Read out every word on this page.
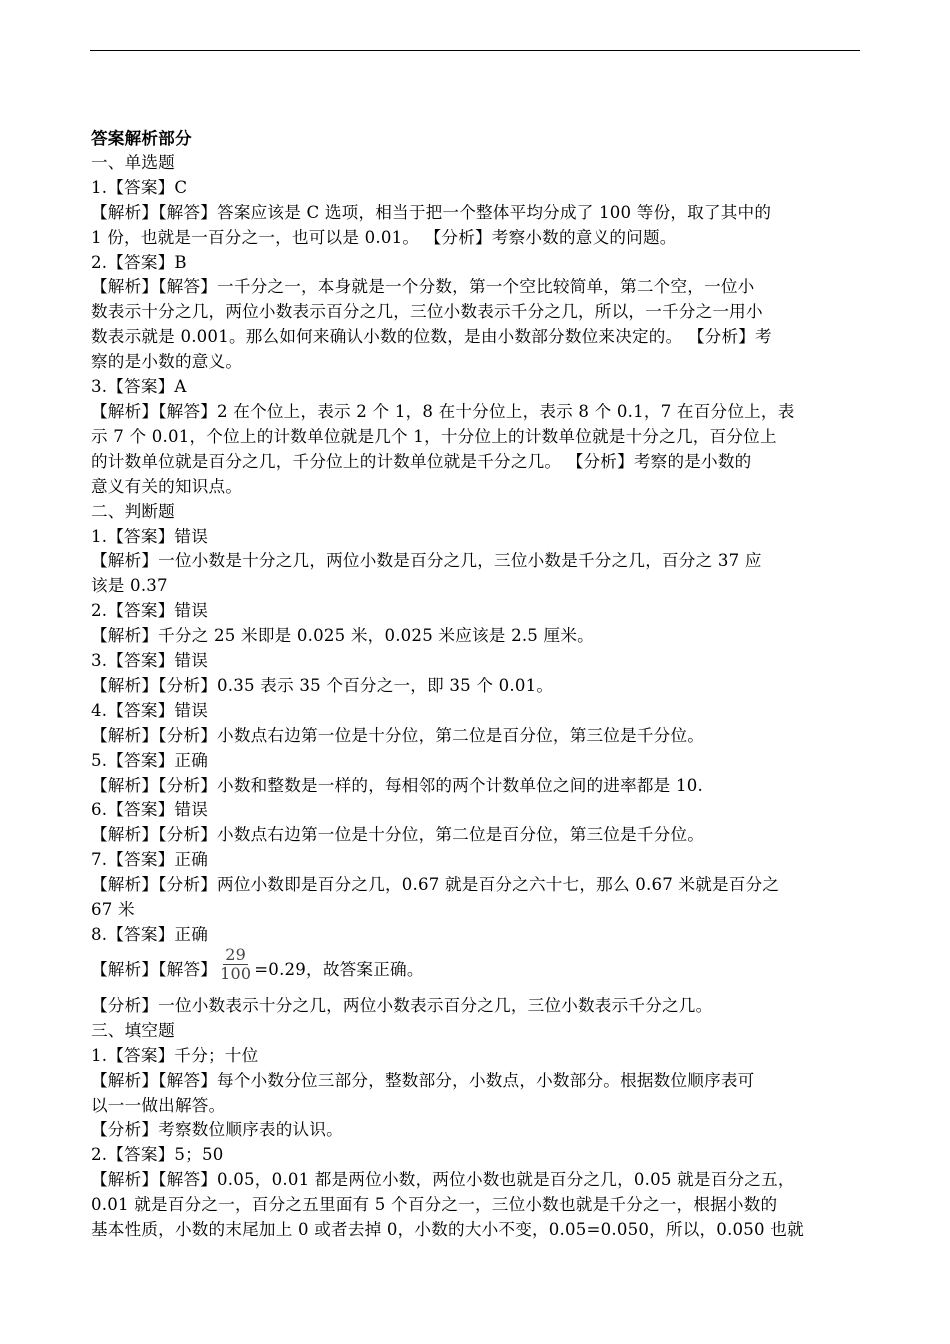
答案解析部分

一、单选题

1.【答案】C

【解析】【解答】答案应该是 C 选项，相当于把一个整体平均分成了 100 等份，取了其中的

1 份，也就是一百分之一，也可以是 0.01。 【分析】考察小数的意义的问题。

2.【答案】B

【解析】【解答】一千分之一，本身就是一个分数，第一个空比较简单，第二个空，一位小

数表示十分之几，两位小数表示百分之几，三位小数表示千分之几，所以，一千分之一用小

数表示就是 0.001。那么如何来确认小数的位数，是由小数部分数位来决定的。 【分析】考

察的是小数的意义。

3.【答案】A

【解析】【解答】2 在个位上，表示 2 个 1，8 在十分位上，表示 8 个 0.1，7 在百分位上，表

示 7 个 0.01，个位上的计数单位就是几个 1，十分位上的计数单位就是十分之几，百分位上

的计数单位就是百分之几，千分位上的计数单位就是千分之几。 【分析】考察的是小数的

意义有关的知识点。

二、判断题

1.【答案】错误

【解析】一位小数是十分之几，两位小数是百分之几，三位小数是千分之几，百分之 37 应

该是 0.37

2.【答案】错误

【解析】千分之 25 米即是 0.025 米，0.025 米应该是 2.5 厘米。

3.【答案】错误

【解析】【分析】0.35 表示 35 个百分之一，即 35 个 0.01。

4.【答案】错误

【解析】【分析】小数点右边第一位是十分位，第二位是百分位，第三位是千分位。

5.【答案】正确

【解析】【分析】小数和整数是一样的，每相邻的两个计数单位之间的进率都是 10.

6.【答案】错误

【解析】【分析】小数点右边第一位是十分位，第二位是百分位，第三位是千分位。

7.【答案】正确

【解析】【分析】两位小数即是百分之几，0.67 就是百分之六十七，那么 0.67 米就是百分之

67 米

8.【答案】正确

【解析】【解答】 $\frac{29}{100} =0.29$，故答案正确。

【分析】一位小数表示十分之几，两位小数表示百分之几，三位小数表示千分之几。

三、填空题

1.【答案】千分；十位

【解析】【解答】每个小数分位三部分，整数部分，小数点，小数部分。根据数位顺序表可

以一一做出解答。

【分析】考察数位顺序表的认识。

2.【答案】5；50

【解析】【解答】0.05，0.01 都是两位小数，两位小数也就是百分之几，0.05 就是百分之五，

0.01 就是百分之一，百分之五里面有 5 个百分之一，三位小数也就是千分之一，根据小数的

基本性质，小数的末尾加上 0 或者去掉 0，小数的大小不变，0.05=0.050，所以，0.050 也就
